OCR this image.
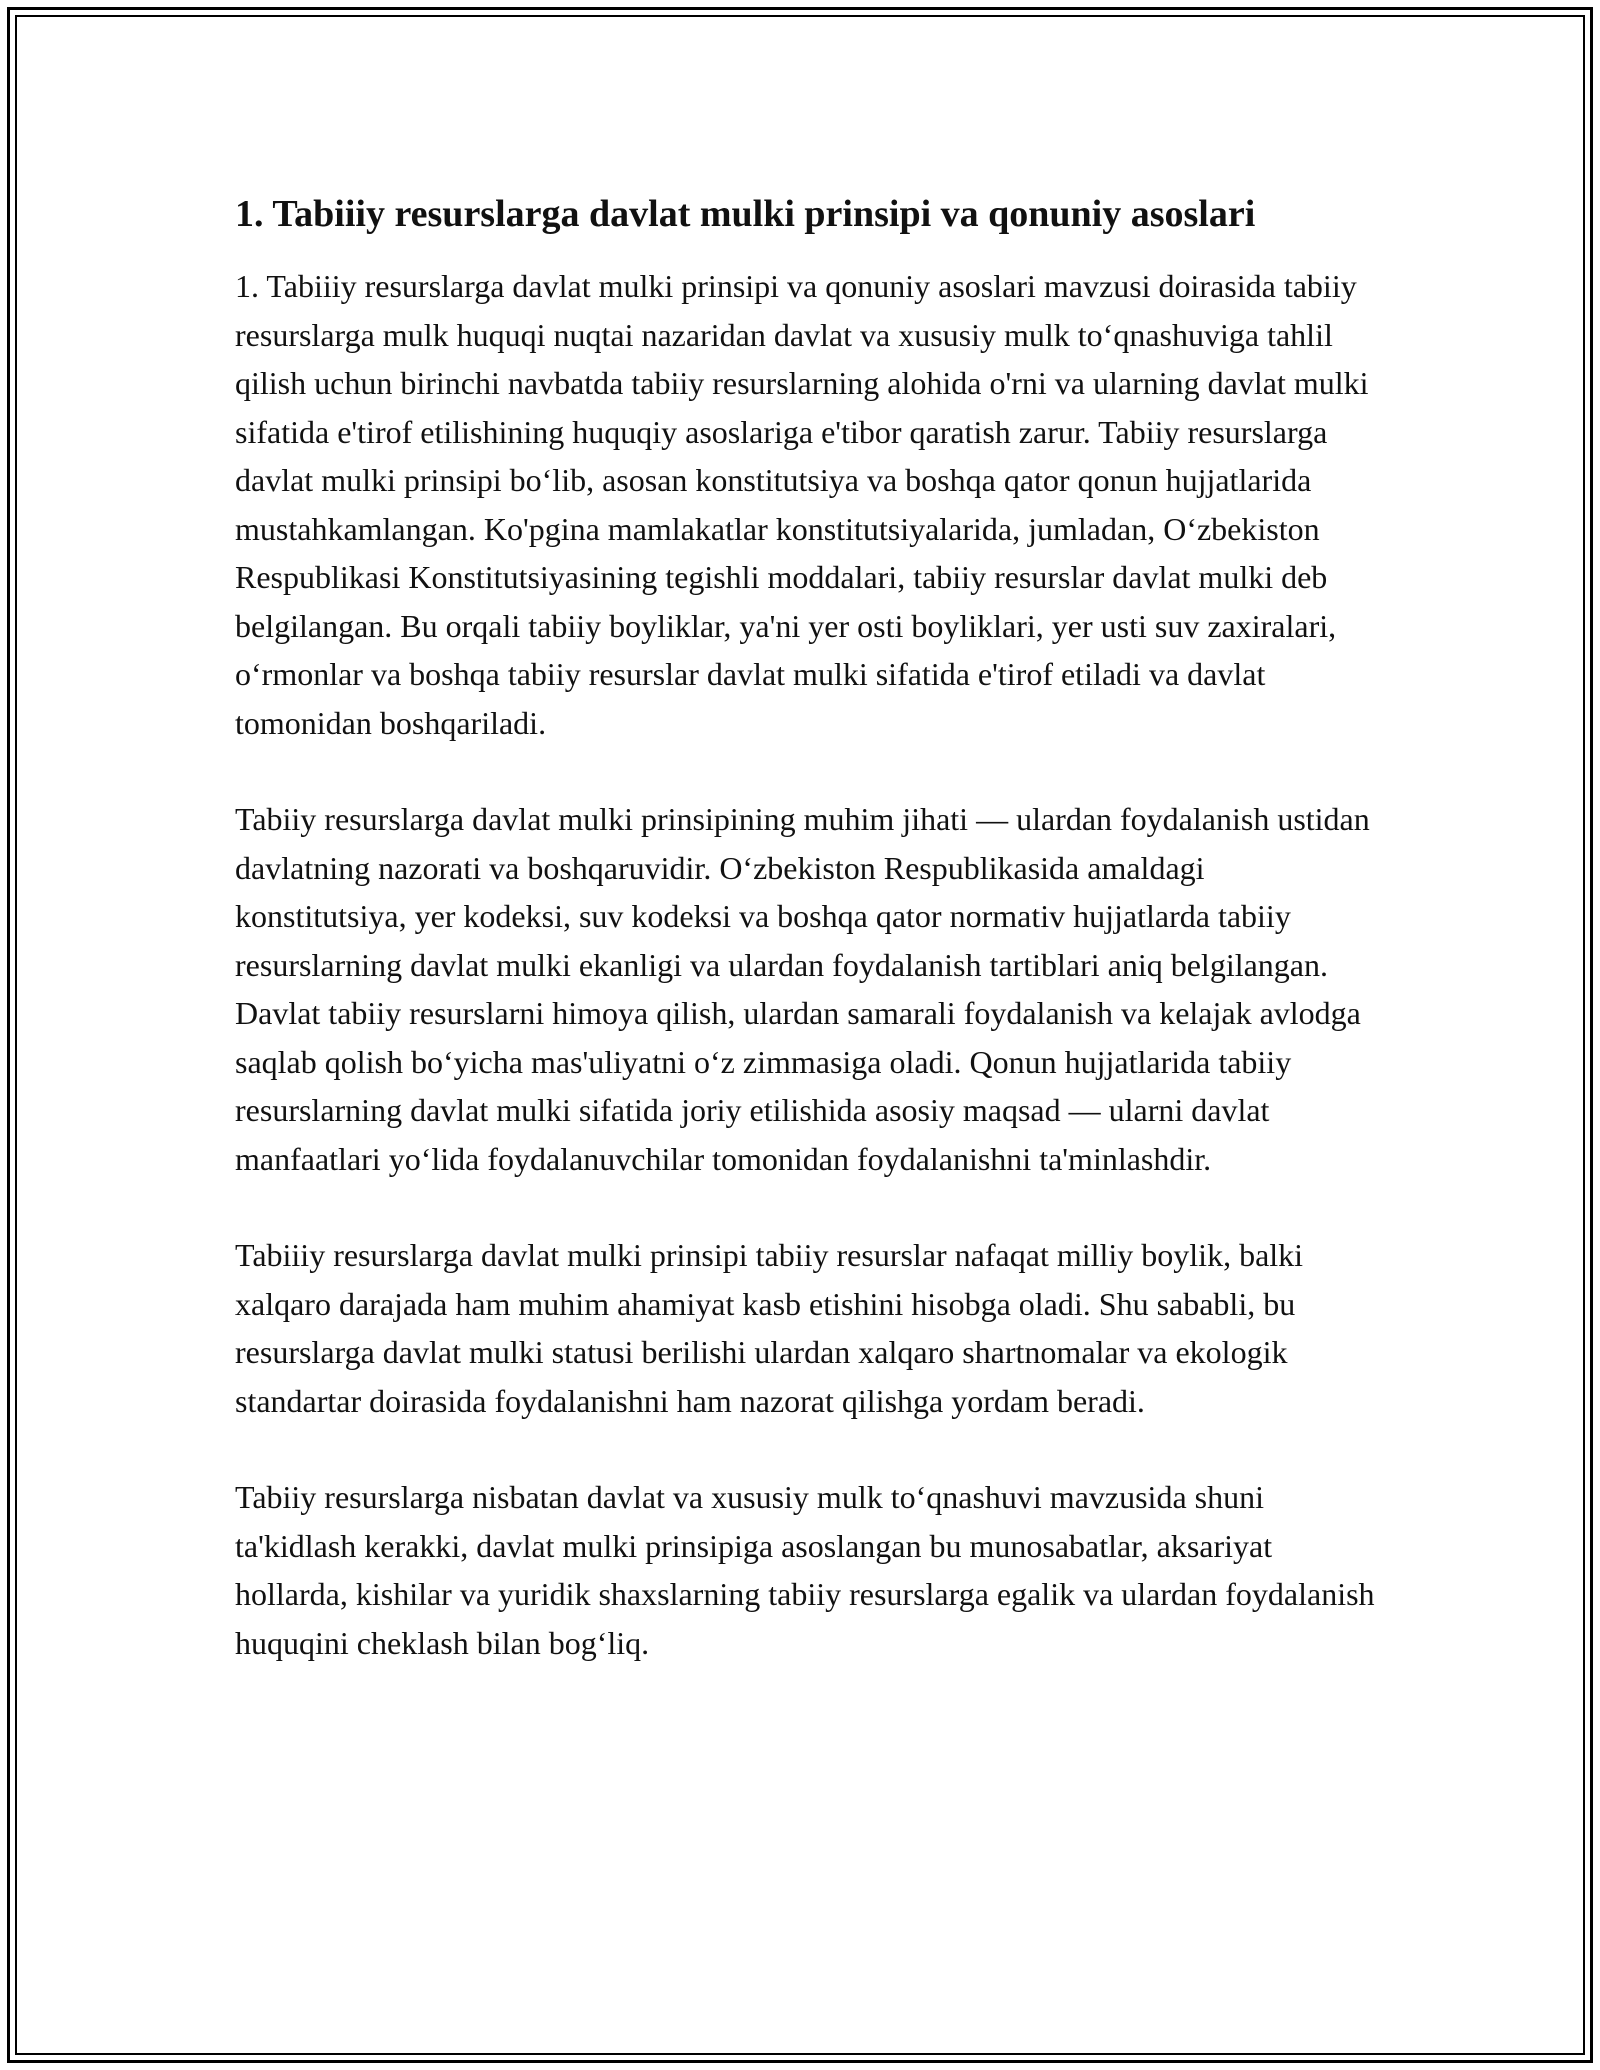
1. Tabiiiy resurslarga davlat mulki prinsipi va qonuniy asoslari

1. Tabiiiy resurslarga davlat mulki prinsipi va qonuniy asoslari mavzusi doirasida tabiiy resurslarga mulk huquqi nuqtai nazaridan davlat va xususiy mulk to‘qnashuviga tahlil qilish uchun birinchi navbatda tabiiy resurslarning alohida o'rni va ularning davlat mulki sifatida e'tirof etilishining huquqiy asoslariga e'tibor qaratish zarur. Tabiiy resurslarga davlat mulki prinsipi bo‘lib, asosan konstitutsiya va boshqa qator qonun hujjatlarida mustahkamlangan. Ko'pgina mamlakatlar konstitutsiyalarida, jumladan, O‘zbekiston Respublikasi Konstitutsiyasining tegishli moddalari, tabiiy resurslar davlat mulki deb belgilangan. Bu orqali tabiiy boyliklar, ya'ni yer osti boyliklari, yer usti suv zaxiralari, o‘rmonlar va boshqa tabiiy resurslar davlat mulki sifatida e'tirof etiladi va davlat tomonidan boshqariladi.

Tabiiy resurslarga davlat mulki prinsipining muhim jihati — ulardan foydalanish ustidan davlatning nazorati va boshqaruvidir. O‘zbekiston Respublikasida amaldagi konstitutsiya, yer kodeksi, suv kodeksi va boshqa qator normativ hujjatlarda tabiiy resurslarning davlat mulki ekanligi va ulardan foydalanish tartiblari aniq belgilangan. Davlat tabiiy resurslarni himoya qilish, ulardan samarali foydalanish va kelajak avlodga saqlab qolish bo‘yicha mas'uliyatni o‘z zimmasiga oladi. Qonun hujjatlarida tabiiy resurslarning davlat mulki sifatida joriy etilishida asosiy maqsad — ularni davlat manfaatlari yo‘lida foydalanuvchilar tomonidan foydalanishni ta'minlashdir.

Tabiiiy resurslarga davlat mulki prinsipi tabiiy resurslar nafaqat milliy boylik, balki xalqaro darajada ham muhim ahamiyat kasb etishini hisobga oladi. Shu sababli, bu resurslarga davlat mulki statusi berilishi ulardan xalqaro shartnomalar va ekologik standartar doirasida foydalanishni ham nazorat qilishga yordam beradi.

Tabiiy resurslarga nisbatan davlat va xususiy mulk to‘qnashuvi mavzusida shuni ta'kidlash kerakki, davlat mulki prinsipiga asoslangan bu munosabatlar, aksariyat hollarda, kishilar va yuridik shaxslarning tabiiy resurslarga egalik va ulardan foydalanish huquqini cheklash bilan bog‘liq.
